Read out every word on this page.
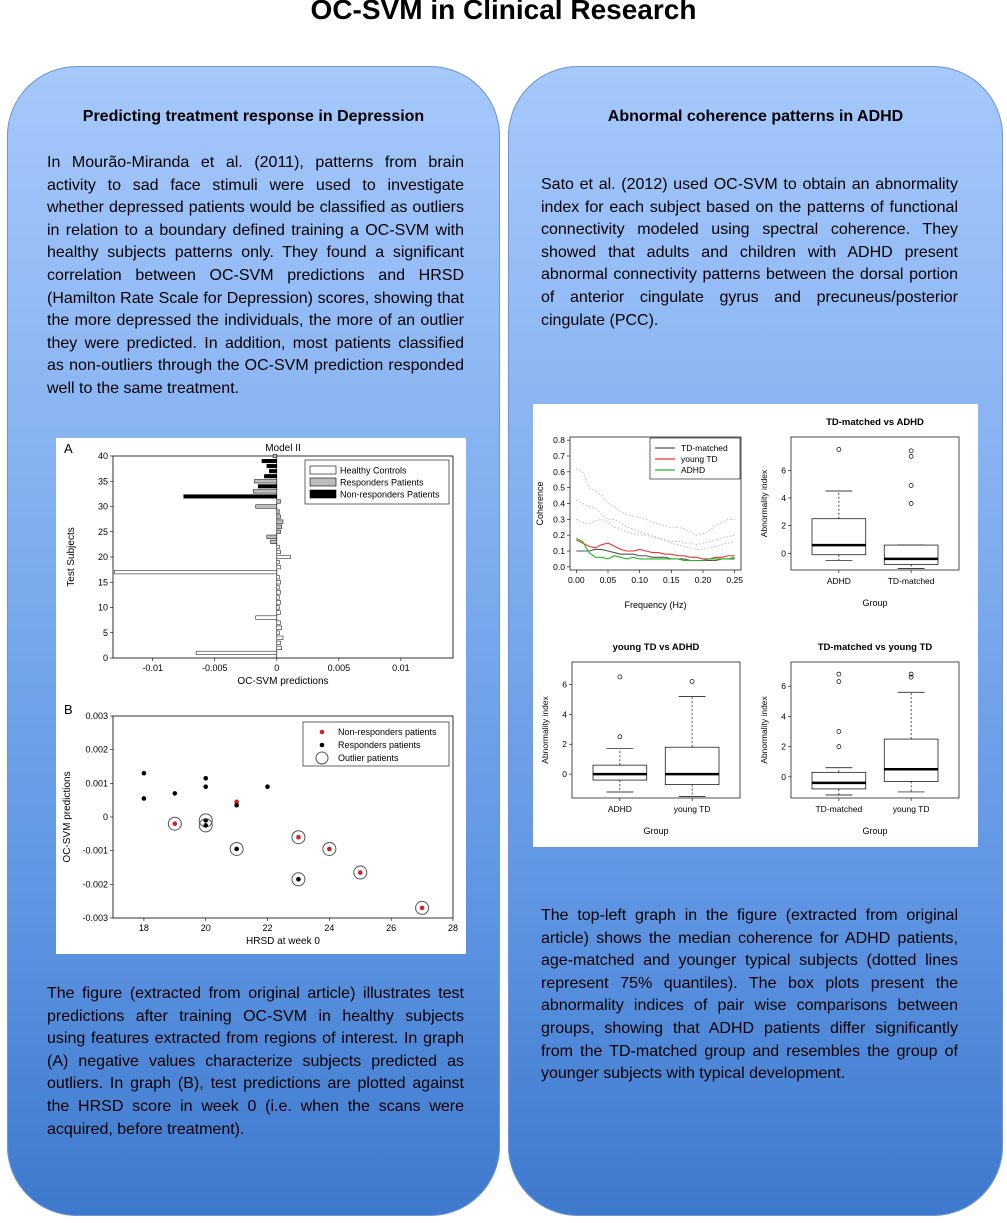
OC-SVM in Clinical Research
Predicting treatment response in Depression

In Mourão-Miranda et al. (2011), patterns from brain activity to sad face stimuli were used to investigate whether depressed patients would be classified as outliers in relation to a boundary defined training a OC-SVM with healthy subjects patterns only. They found a significant correlation between OC-SVM predictions and HRSD (Hamilton Rate Scale for Depression) scores, showing that the more depressed the individuals, the more of an outlier they were predicted. In addition, most patients classified as non-outliers through the OC-SVM prediction responded well to the same treatment.

A	Model II
-0.01	-0.005	0	0.005	0.01
0
5
10
15
20
25
30
35
40
OC-SVM predictions
Test Subjects
Healthy Controls
Responders Patients
Non-responders Patients
B
18	20	22	24	26	28
-0.003
-0.002
-0.001
0
0.001
0.002
0.003
HRSD at week 0
OC-SVM predictions
Non-responders patients
Responders patients
Outlier patients

The figure (extracted from original article) illustrates test predictions after training OC-SVM in healthy subjects using features extracted from regions of interest. In graph (A) negative values characterize subjects predicted as outliers. In graph (B), test predictions are plotted against the HRSD score in week 0 (i.e. when the scans were acquired, before treatment).

Abnormal coherence patterns in ADHD

Sato et al. (2012) used OC-SVM to obtain an abnormality index for each subject based on the patterns of functional connectivity modeled using spectral coherence. They showed that adults and children with ADHD present abnormal connectivity patterns between the dorsal portion of anterior cingulate gyrus and precuneus/posterior cingulate (PCC).

0.00 0.05 0.10 0.15 0.20 0.25
0.0
0.1
0.2
0.3
0.4
0.5
0.6
0.7
0.8
Frequency (Hz)
Coherence
TD-matched
young TD
ADHD
TD-matched vs ADHD
ADHD	TD-matched
0
2
4
6
Group
Abnormality index
young TD vs ADHD
ADHD	young TD
0
2
4
6
Group
Abnormality index
TD-matched vs young TD
TD-matched	young TD
0
2
4
6
Group
Abnormality index

The top-left graph in the figure (extracted from original article) shows the median coherence for ADHD patients, age-matched and younger typical subjects (dotted lines represent 75% quantiles). The box plots present the abnormality indices of pair wise comparisons between groups, showing that ADHD patients differ significantly from the TD-matched group and resembles the group of younger subjects with typical development.
